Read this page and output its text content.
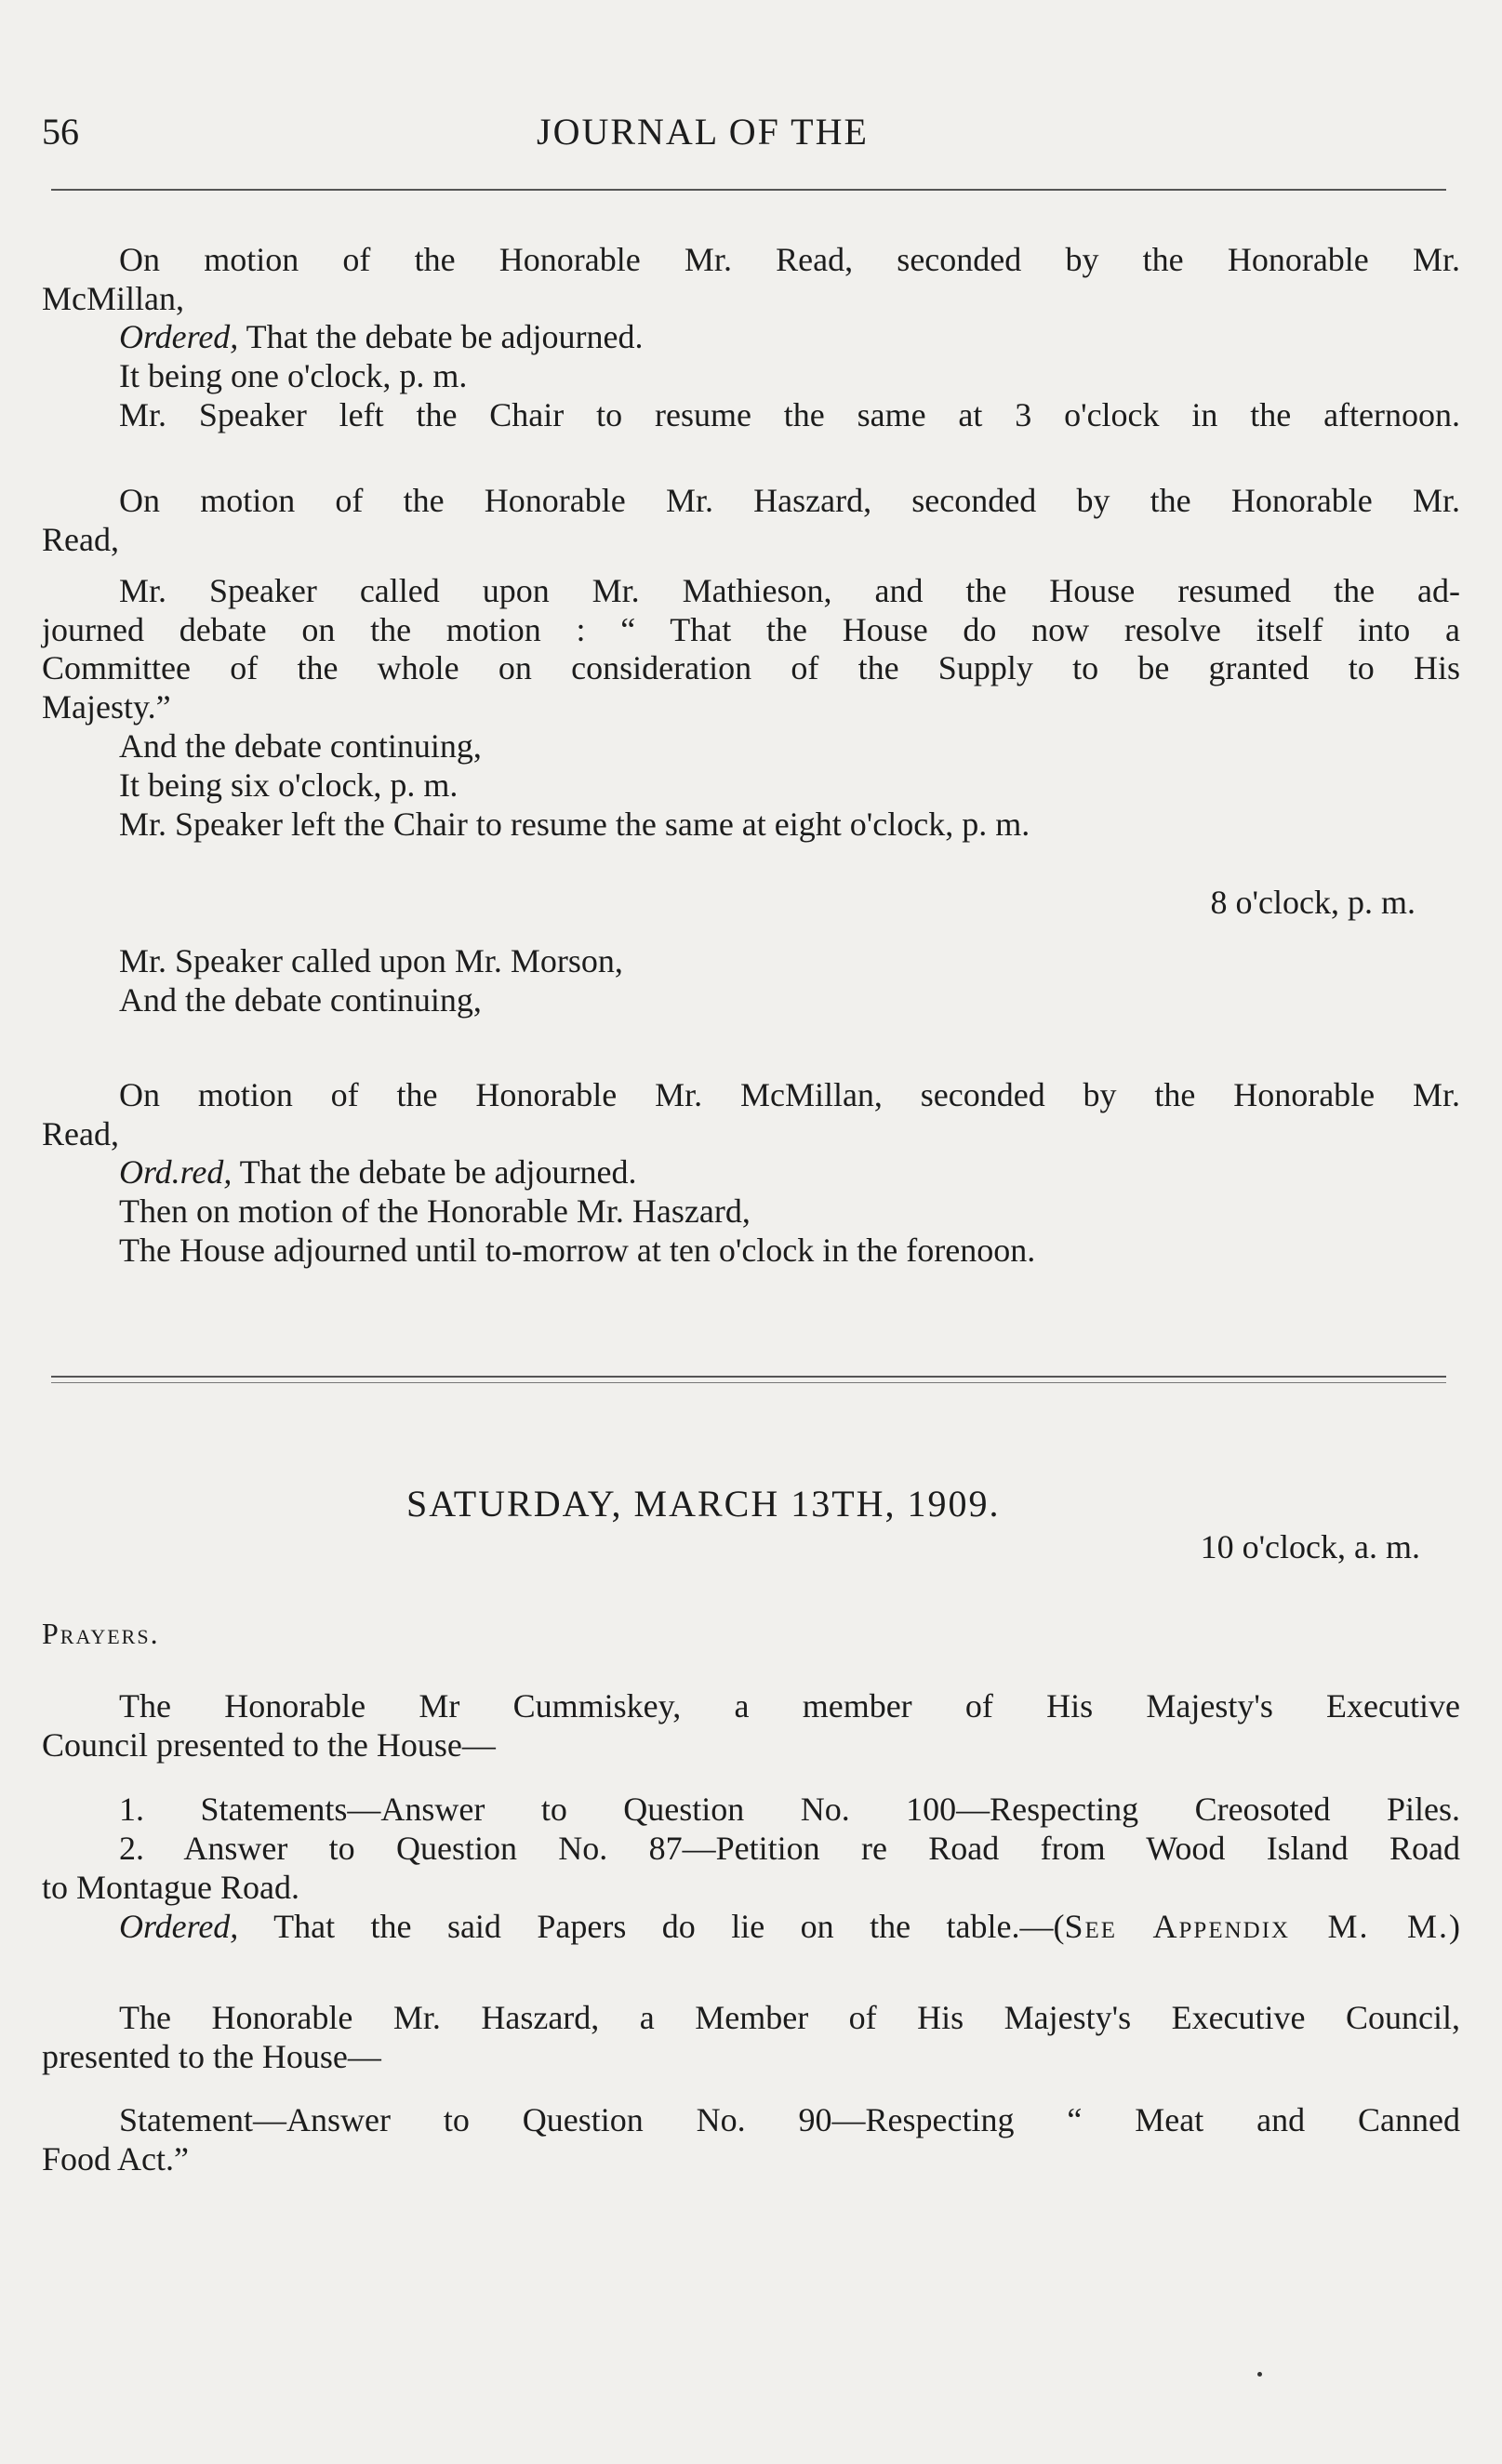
56	JOURNAL OF THE
On motion of the Honorable Mr. Read, seconded by the Honorable Mr.
McMillan,
Ordered, That the debate be adjourned.
It being one o'clock, p. m.
Mr. Speaker left the Chair to resume the same at 3 o'clock in the afternoon.
On motion of the Honorable Mr. Haszard, seconded by the Honorable Mr.
Read,
Mr. Speaker called upon Mr. Mathieson, and the House resumed the ad-
journed debate on the motion : “ That the House do now resolve itself into a
Committee of the whole on consideration of the Supply to be granted to His
Majesty.”
And the debate continuing,
It being six o'clock, p. m.
Mr. Speaker left the Chair to resume the same at eight o'clock, p. m.
8 o'clock, p. m.
Mr. Speaker called upon Mr. Morson,
And the debate continuing,
On motion of the Honorable Mr. McMillan, seconded by the Honorable Mr.
Read,
Ord.red, That the debate be adjourned.
Then on motion of the Honorable Mr. Haszard,
The House adjourned until to-morrow at ten o'clock in the forenoon.
SATURDAY, MARCH 13TH, 1909.
10 o'clock, a. m.
Prayers.
The Honorable Mr Cummiskey, a member of His Majesty's Executive
Council presented to the House—
1. Statements—Answer to Question No. 100—Respecting Creosoted Piles.
2. Answer to Question No. 87—Petition re Road from Wood Island Road
to Montague Road.
Ordered, That the said Papers do lie on the table.—(See Appendix M. M.)
The Honorable Mr. Haszard, a Member of His Majesty's Executive Council,
presented to the House—
Statement—Answer to Question No. 90—Respecting “ Meat and Canned
Food Act.”
